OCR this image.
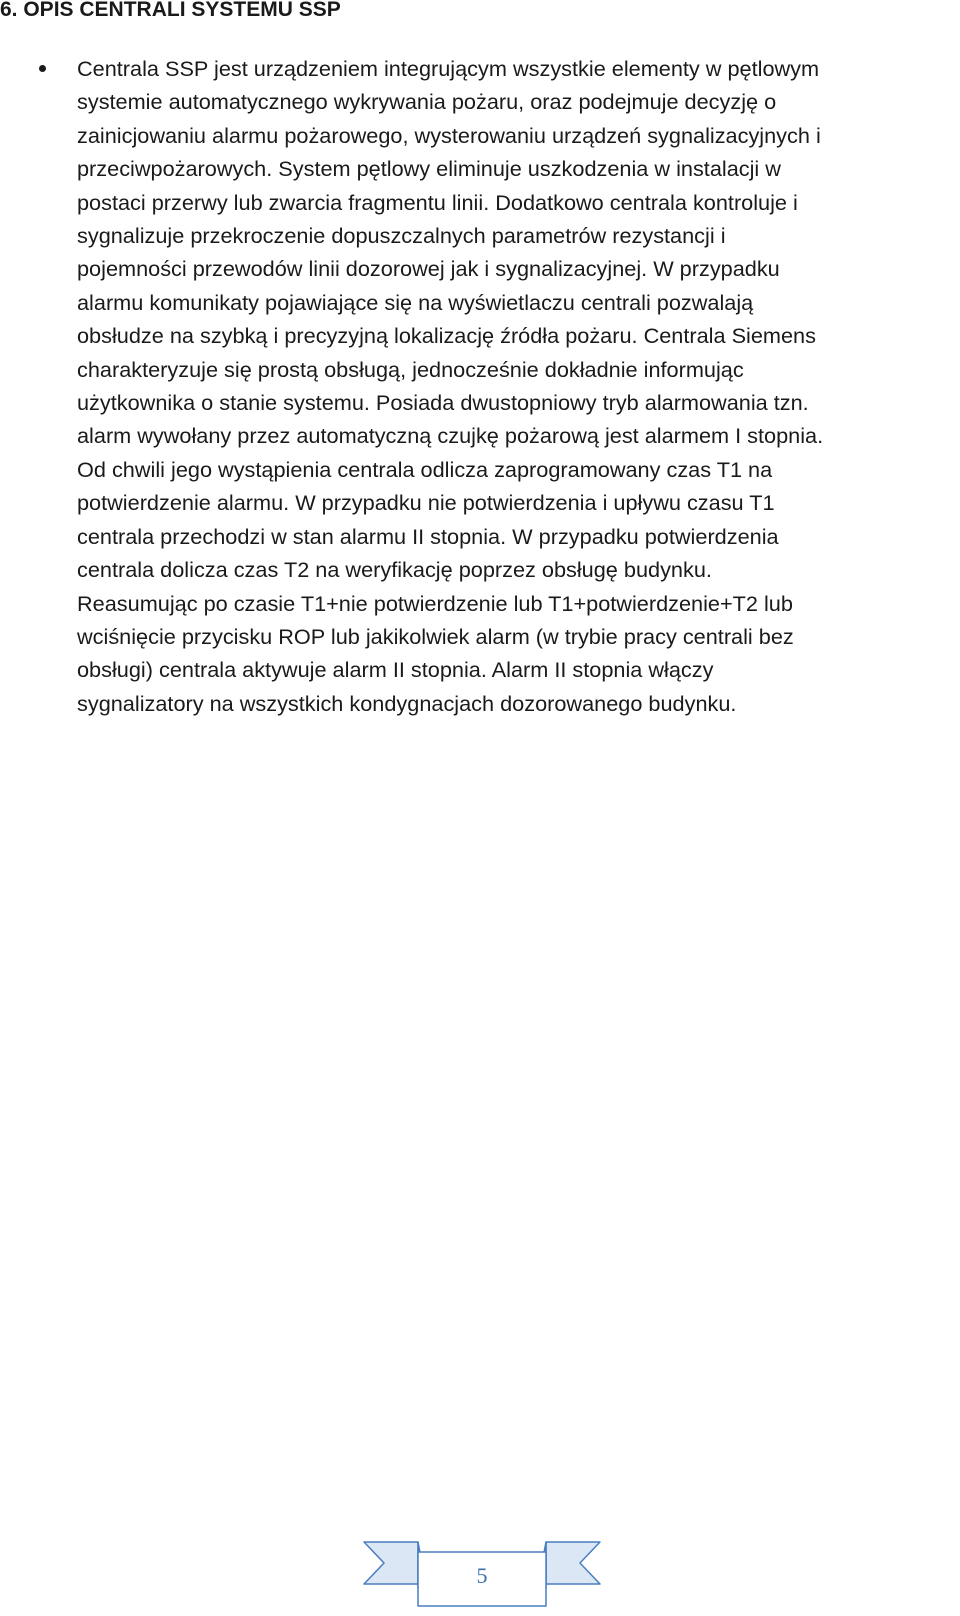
6. OPIS CENTRALI SYSTEMU SSP

Centrala SSP jest urządzeniem integrującym wszystkie elementy w pętlowym
systemie automatycznego wykrywania pożaru, oraz podejmuje decyzję o
zainicjowaniu alarmu pożarowego, wysterowaniu urządzeń sygnalizacyjnych i
przeciwpożarowych. System pętlowy eliminuje uszkodzenia w instalacji w
postaci przerwy lub zwarcia fragmentu linii. Dodatkowo centrala kontroluje i
sygnalizuje przekroczenie dopuszczalnych parametrów rezystancji i
pojemności przewodów linii dozorowej jak i sygnalizacyjnej. W przypadku
alarmu komunikaty pojawiające się na wyświetlaczu centrali pozwalają
obsłudze na szybką i precyzyjną lokalizację źródła pożaru. Centrala Siemens
charakteryzuje się prostą obsługą, jednocześnie dokładnie informując
użytkownika o stanie systemu. Posiada dwustopniowy tryb alarmowania tzn.
alarm wywołany przez automatyczną czujkę pożarową jest alarmem I stopnia.
Od chwili jego wystąpienia centrala odlicza zaprogramowany czas T1 na
potwierdzenie alarmu. W przypadku nie potwierdzenia i upływu czasu T1
centrala przechodzi w stan alarmu II stopnia. W przypadku potwierdzenia
centrala dolicza czas T2 na weryfikację poprzez obsługę budynku.
Reasumując po czasie T1+nie potwierdzenie lub T1+potwierdzenie+T2 lub
wciśnięcie przycisku ROP lub jakikolwiek alarm (w trybie pracy centrali bez
obsługi) centrala aktywuje alarm II stopnia. Alarm II stopnia włączy
sygnalizatory na wszystkich kondygnacjach dozorowanego budynku.

5
